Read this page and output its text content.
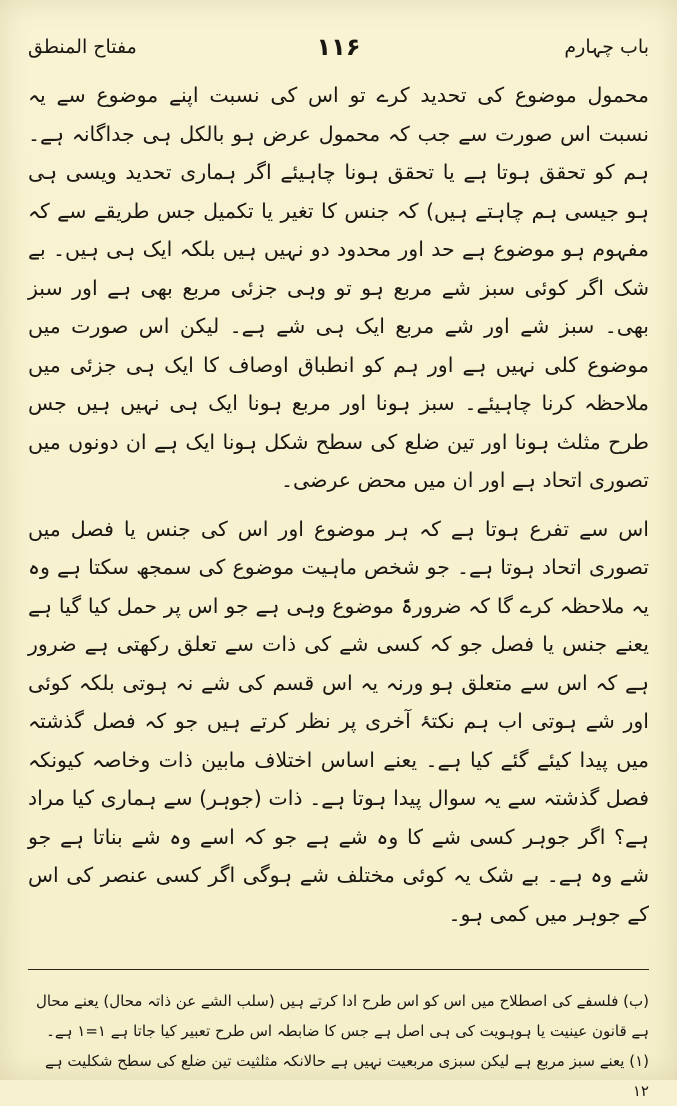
باب چہارم
۱۱۶
مفتاح المنطق

محمول موضوع کی تحدید کرے تو اس کی نسبت اپنے موضوع سے یہ نسبت اس صورت سے جب کہ محمول عرض ہو بالکل ہی جداگانہ ہے۔ ہم کو تحقق ہوتا ہے یا تحقق ہونا چاہیئے اگر ہماری تحدید ویسی ہی ہو جیسی ہم چاہتے ہیں) کہ جنس کا تغیر یا تکمیل جس طریقے سے کہ مفہوم ہو موضوع ہے حد اور محدود دو نہیں ہیں بلکہ ایک ہی ہیں۔ بے شک اگر کوئی سبز شے مربع ہو تو وہی جزئی مربع بھی ہے اور سبز بھی۔ سبز شے اور شے مربع ایک ہی شے ہے۔ لیکن اس صورت میں موضوع کلی نہیں ہے اور ہم کو انطباق اوصاف کا ایک ہی جزئی میں ملاحظہ کرنا چاہیئے۔ سبز ہونا اور مربع ہونا ایک ہی نہیں ہیں جس طرح مثلث ہونا اور تین ضلع کی سطح شکل ہونا ایک ہے ان دونوں میں تصوری اتحاد ہے اور ان میں محض عرضی۔

اس سے تفرع ہوتا ہے کہ ہر موضوع اور اس کی جنس یا فصل میں تصوری اتحاد ہوتا ہے۔ جو شخص ماہیت موضوع کی سمجھ سکتا ہے وہ یہ ملاحظہ کرے گا کہ ضرورۃً موضوع وہی ہے جو اس پر حمل کیا گیا ہے یعنے جنس یا فصل جو کہ کسی شے کی ذات سے تعلق رکھتی ہے ضرور ہے کہ اس سے متعلق ہو ورنہ یہ اس قسم کی شے نہ ہوتی بلکہ کوئی اور شے ہوتی اب ہم نکتۂ آخری پر نظر کرتے ہیں جو کہ فصل گذشتہ میں پیدا کیئے گئے کیا ہے۔ یعنے اساس اختلاف مابین ذات وخاصہ کیونکہ فصل گذشتہ سے یہ سوال پیدا ہوتا ہے۔ ذات (جوہر) سے ہماری کیا مراد ہے؟ اگر جوہر کسی شے کا وہ شے ہے جو کہ اسے وہ شے بناتا ہے جو شے وہ ہے۔ بے شک یہ کوئی مختلف شے ہوگی اگر کسی عنصر کی اس کے جوہر میں کمی ہو۔

(ب) فلسفے کی اصطلاح میں اس کو اس طرح ادا کرتے ہیں (سلب الشے عن ذاتہ محال) یعنے محال ہے قانون عینیت یا ہوہویت کی ہی اصل ہے جس کا ضابطہ اس طرح تعبیر کیا جاتا ہے ۱=۱ ہے۔

(۱) یعنے سبز مربع ہے لیکن سبزی مربعیت نہیں ہے حالانکہ مثلثیت تین ضلع کی سطح شکلیت ہے ۱۲
